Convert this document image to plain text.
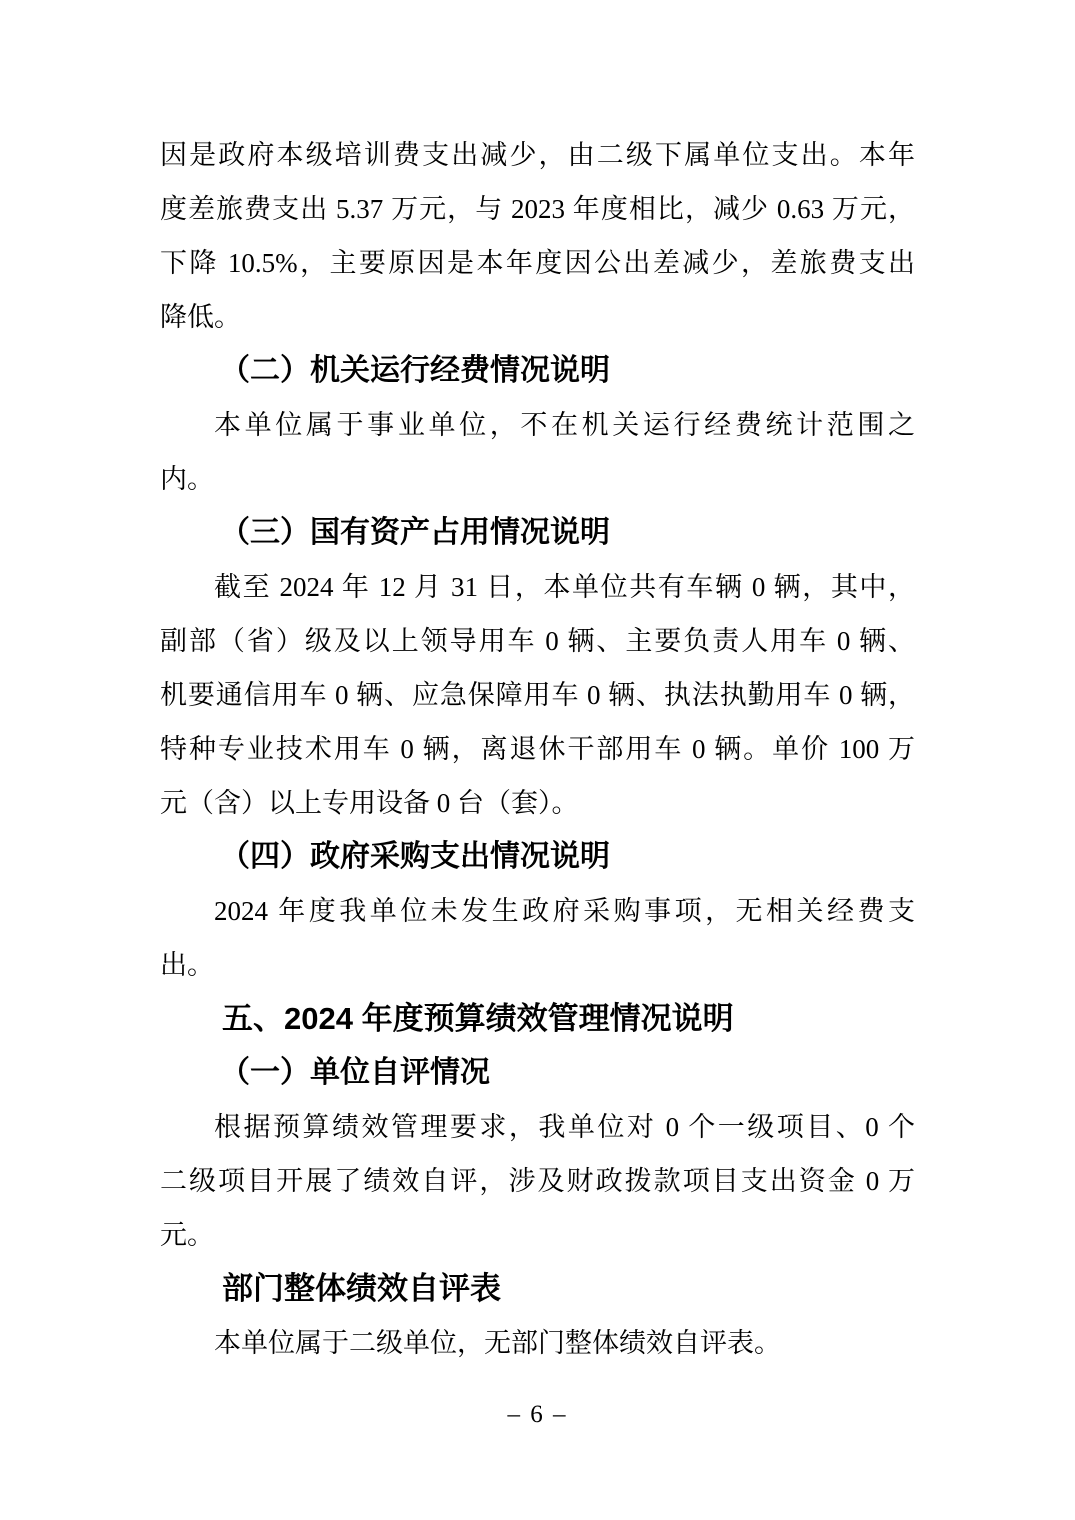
因是政府本级培训费支出减少，由二级下属单位支出。本年
度差旅费支出 5.37 万元，与 2023 年度相比，减少 0.63 万元，
下降 10.5%，主要原因是本年度因公出差减少，差旅费支出
降低。
（二）机关运行经费情况说明
本单位属于事业单位，不在机关运行经费统计范围之
内。
（三）国有资产占用情况说明
截至 2024 年 12 月 31 日，本单位共有车辆 0 辆，其中，
副部（省）级及以上领导用车 0 辆、主要负责人用车 0 辆、
机要通信用车 0 辆、应急保障用车 0 辆、执法执勤用车 0 辆，
特种专业技术用车 0 辆，离退休干部用车 0 辆。单价 100 万
元（含）以上专用设备 0 台（套）。
（四）政府采购支出情况说明
2024 年度我单位未发生政府采购事项，无相关经费支
出。
五、2024 年度预算绩效管理情况说明
（一）单位自评情况
根据预算绩效管理要求，我单位对 0 个一级项目、0 个
二级项目开展了绩效自评，涉及财政拨款项目支出资金 0 万
元。
部门整体绩效自评表
本单位属于二级单位，无部门整体绩效自评表。
– 6 –
